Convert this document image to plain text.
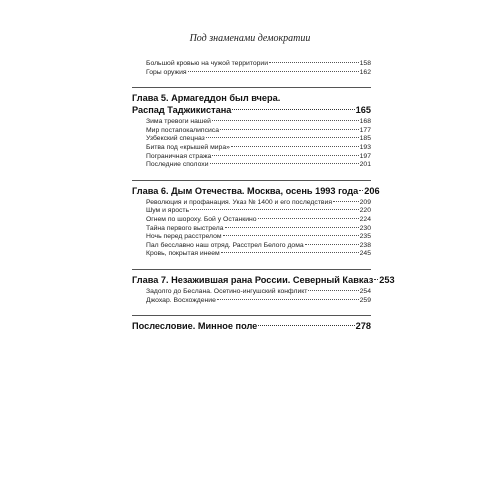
Под знаменами демократии
Большой кровью на чужой территории	158
Горы оружия	162
Глава 5. Армагеддон был вчера.
Распад Таджикистана	165
Зима тревоги нашей	168
Мир постапокалипсиса	177
Узбекский спецназ	185
Битва под «крышей мира»	193
Пограничная стража	197
Последние сполохи	201
Глава 6. Дым Отечества. Москва, осень 1993 года 206
Революция и профанация. Указ № 1400 и его последствия	209
Шум и ярость	220
Огнем по шороху. Бой у Останкино	224
Тайна первого выстрела	230
Ночь перед расстрелом	235
Пал бесславно наш отряд. Расстрел Белого дома	238
Кровь, покрытая инеем	245
Глава 7. Незажившая рана России. Северный Кавказ 253
Задолго до Беслана. Осетино-ингушский конфликт	254
Джохар. Восхождение	259
Послесловие. Минное поле	278
